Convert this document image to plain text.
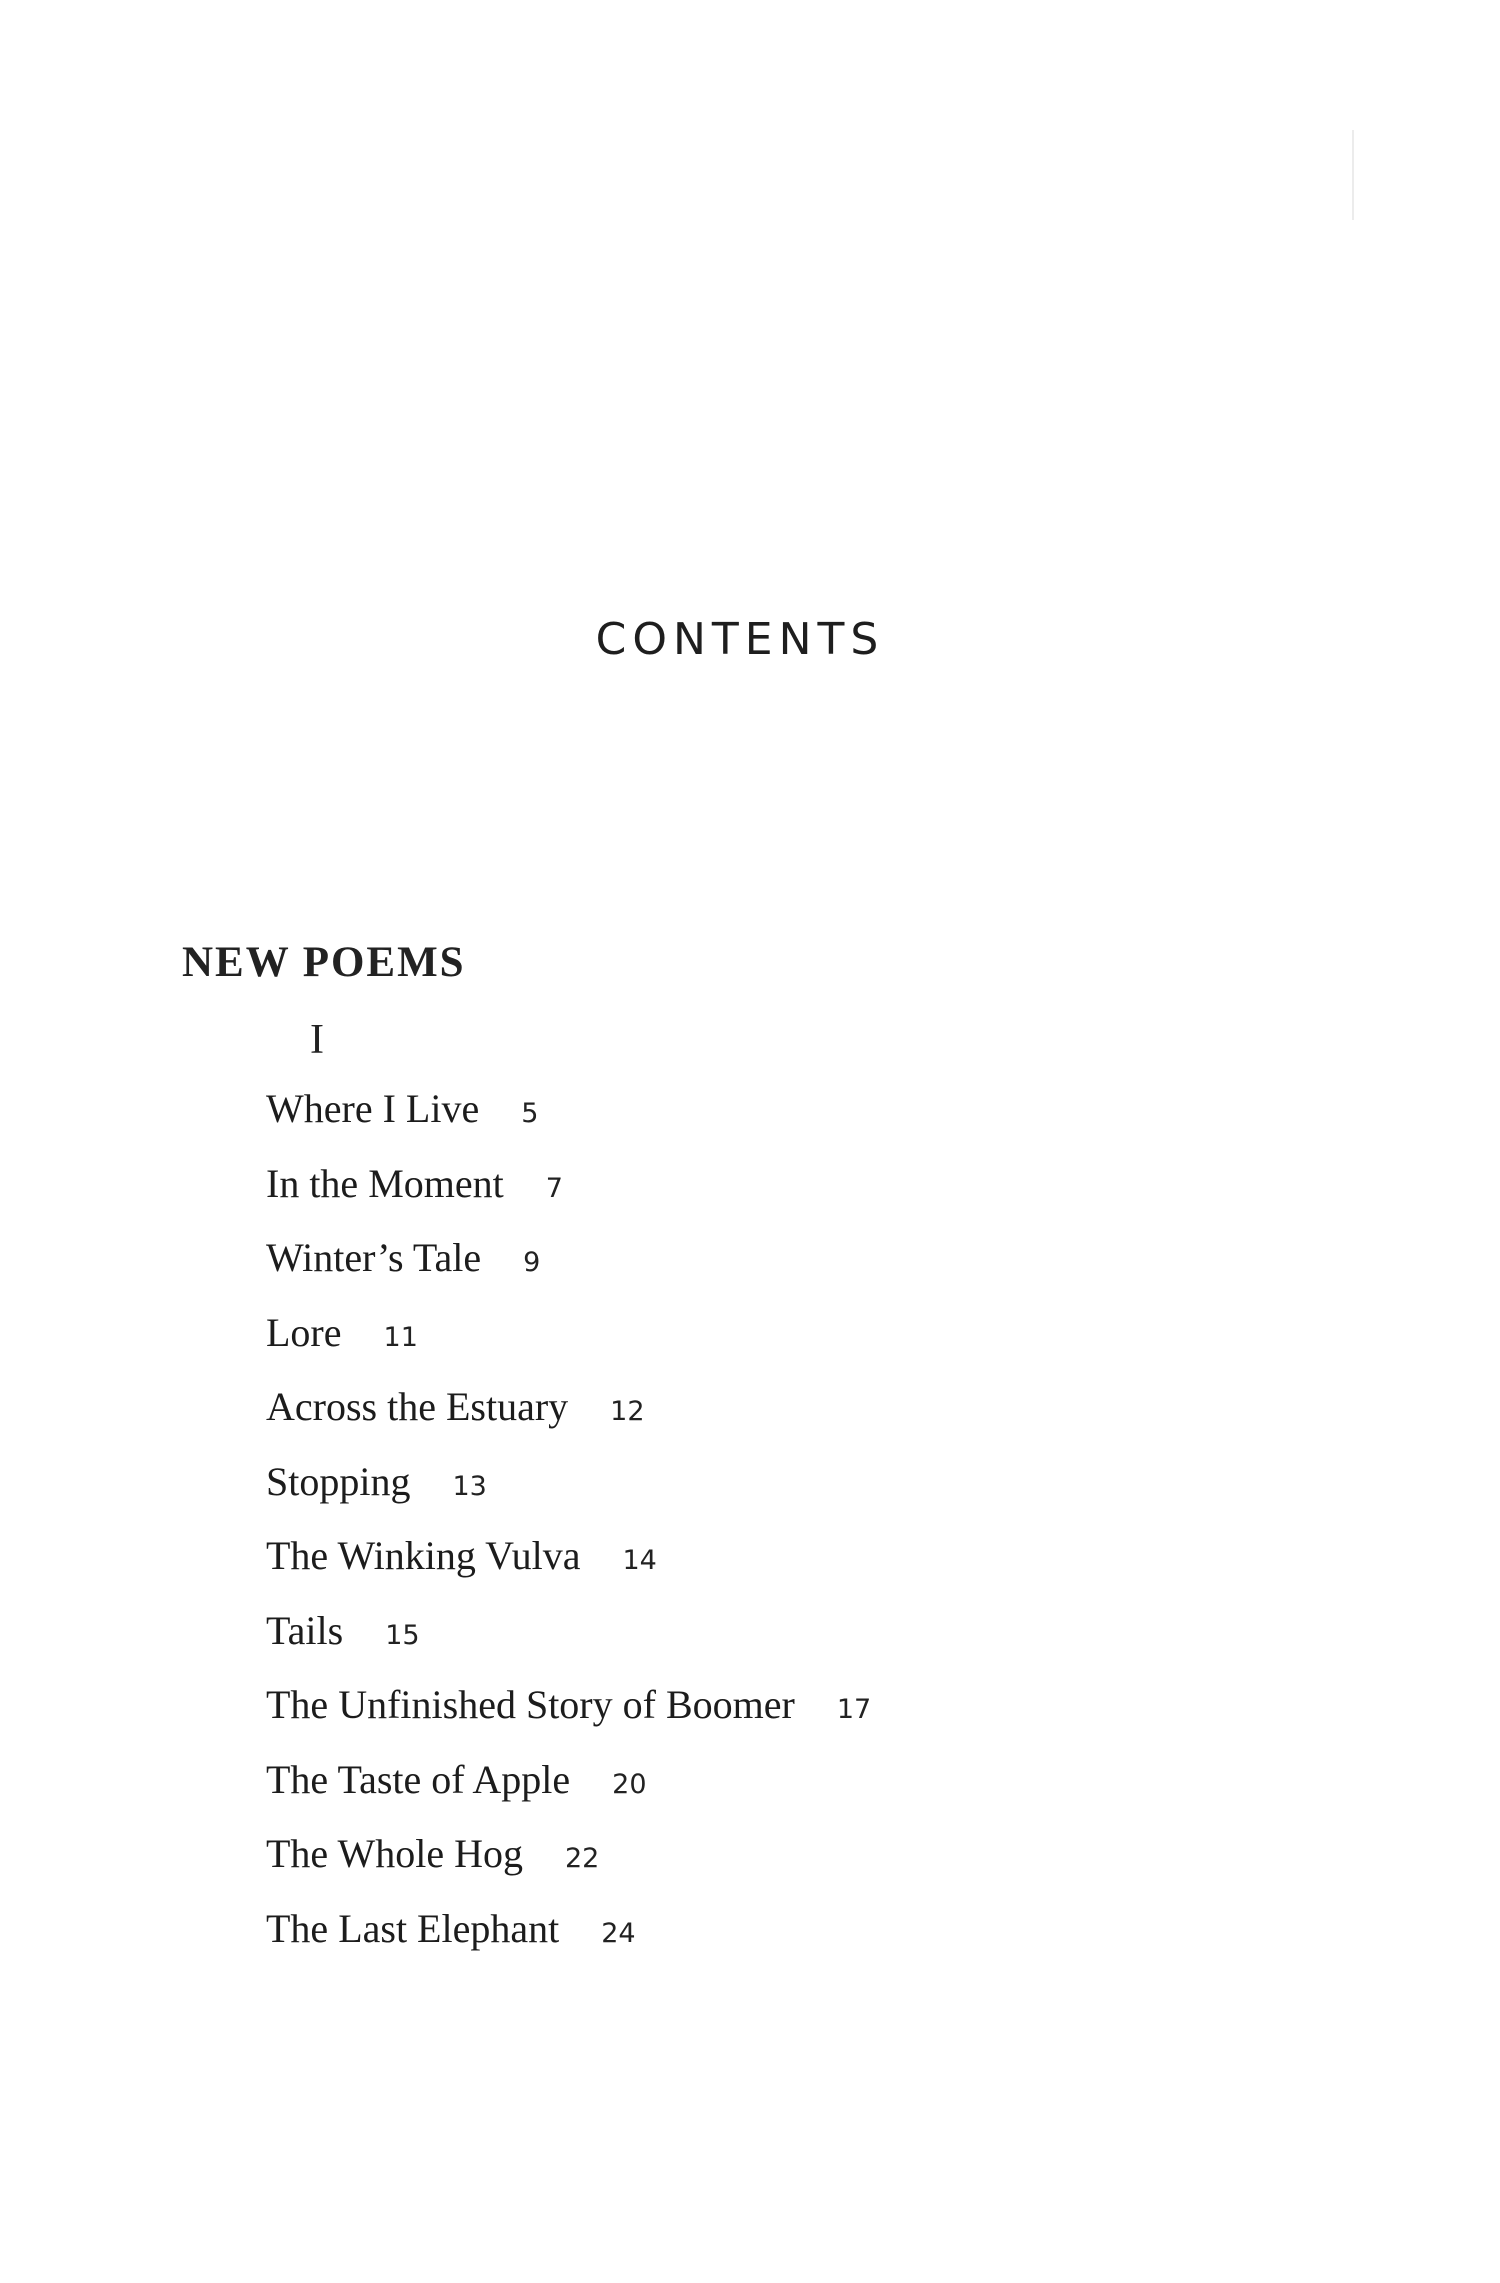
CONTENTS
NEW POEMS
I
Where I Live 5
In the Moment 7
Winter’s Tale 9
Lore 11
Across the Estuary 12
Stopping 13
The Winking Vulva 14
Tails 15
The Unfinished Story of Boomer 17
The Taste of Apple 20
The Whole Hog 22
The Last Elephant 24
